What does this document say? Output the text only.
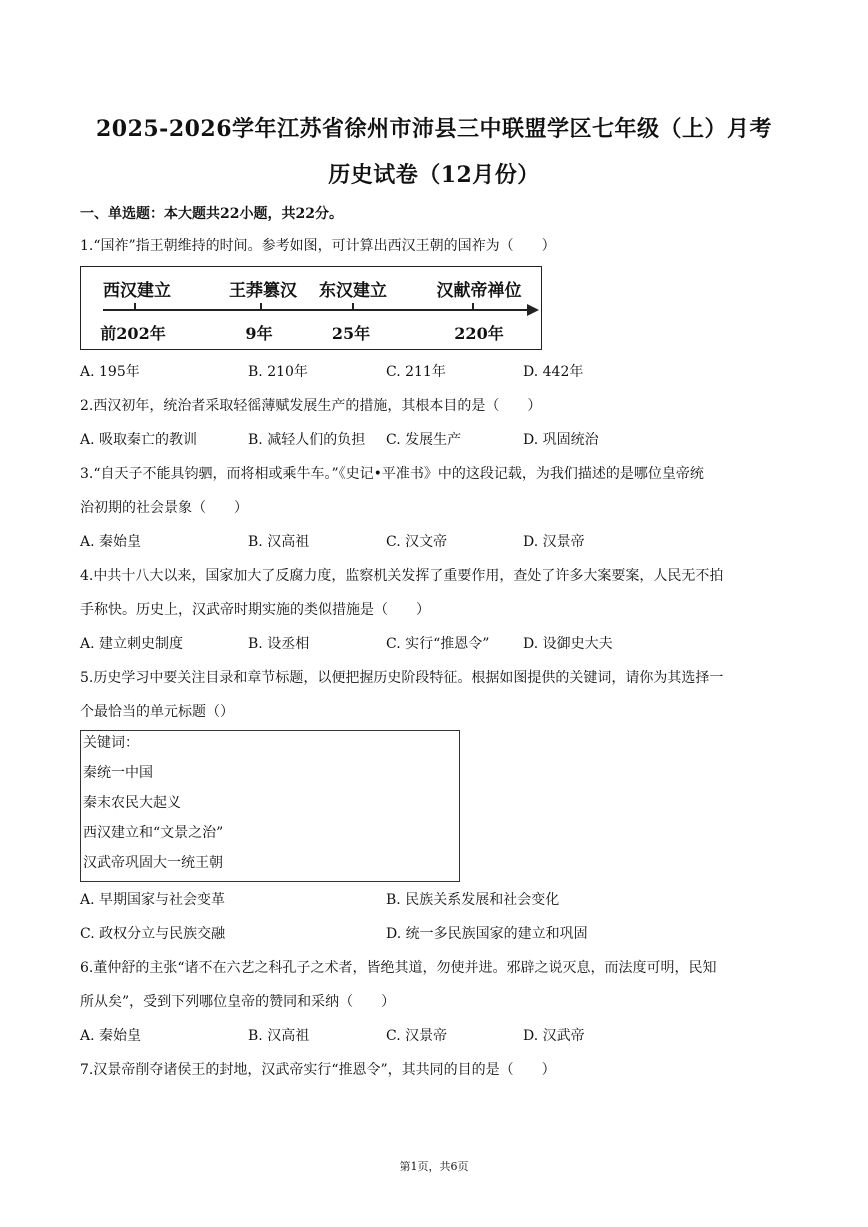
2025-2026学年江苏省徐州市沛县三中联盟学区七年级（上）月考
历史试卷（12月份）
一、单选题：本大题共22小题，共22分。
1.“国祚”指王朝维持的时间。参考如图，可计算出西汉王朝的国祚为（　　）
西汉建立	王莽篡汉 东汉建立	汉献帝禅位
前202年	9年	25年	220年
A. 195年	B. 210年	C. 211年	D. 442年
2.西汉初年，统治者采取轻徭薄赋发展生产的措施，其根本目的是（　　）
A. 吸取秦亡的教训	B. 减轻人们的负担 C. 发展生产	D. 巩固统治
3.“自天子不能具钧驷，而将相或乘牛车。”《史记•平准书》中的这段记载，为我们描述的是哪位皇帝统
治初期的社会景象（　　）
A. 秦始皇	B. 汉高祖	C. 汉文帝	D. 汉景帝
4.中共十八大以来，国家加大了反腐力度，监察机关发挥了重要作用，查处了许多大案要案，人民无不拍
手称快。历史上，汉武帝时期实施的类似措施是（　　）
A. 建立刺史制度	B. 设丞相	C. 实行“推恩令” D. 设御史大夫
5.历史学习中要关注目录和章节标题，以便把握历史阶段特征。根据如图提供的关键词，请你为其选择一
个最恰当的单元标题（）
关键词：
秦统一中国
秦末农民大起义
西汉建立和“文景之治”
汉武帝巩固大一统王朝
A. 早期国家与社会变革	B. 民族关系发展和社会变化
C. 政权分立与民族交融	D. 统一多民族国家的建立和巩固
6.董仲舒的主张“诸不在六艺之科孔子之术者，皆绝其道，勿使并进。邪辟之说灭息，而法度可明，民知
所从矣”，受到下列哪位皇帝的赞同和采纳（　　）
A. 秦始皇	B. 汉高祖	C. 汉景帝	D. 汉武帝
7.汉景帝削夺诸侯王的封地，汉武帝实行“推恩令”，其共同的目的是（　　）
第1页，共6页
